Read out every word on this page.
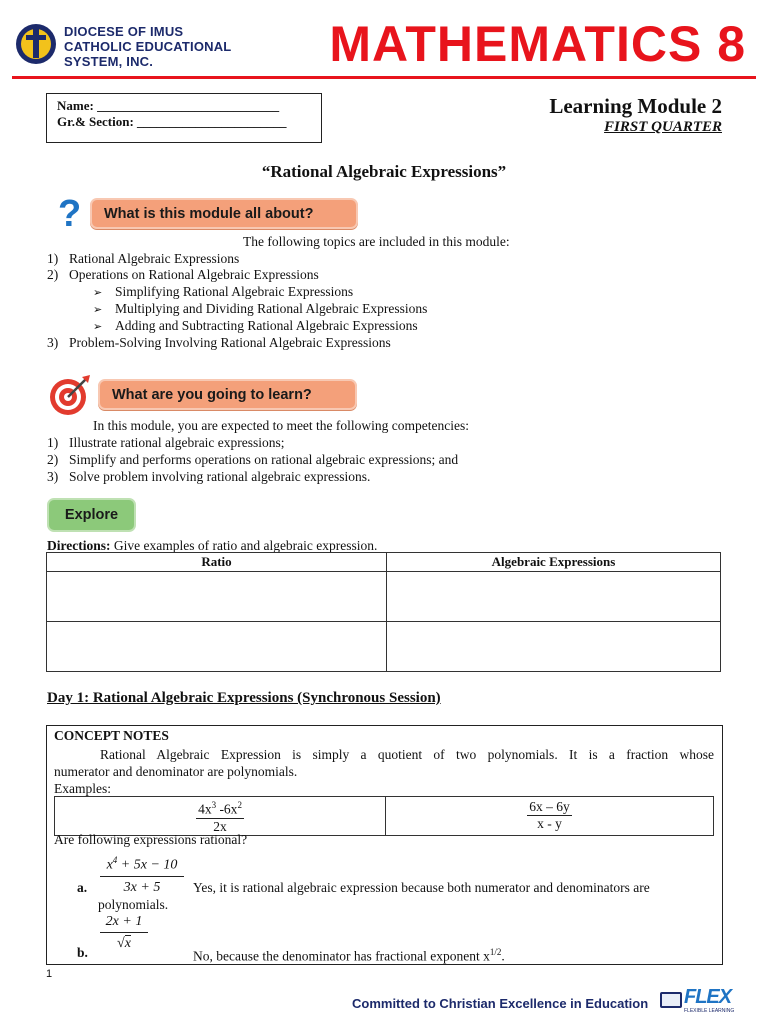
DIOCESE OF IMUS
CATHOLIC EDUCATIONAL
SYSTEM, INC.	MATHEMATICS 8
Name: ____________________________
Gr.& Section: _______________________
Learning Module 2
FIRST QUARTER
“Rational Algebraic Expressions”
? What is this module all about?
The following topics are included in this module:
1) Rational Algebraic Expressions
2) Operations on Rational Algebraic Expressions
➢ Simplifying Rational Algebraic Expressions
➢ Multiplying and Dividing Rational Algebraic Expressions
➢ Adding and Subtracting Rational Algebraic Expressions
3) Problem-Solving Involving Rational Algebraic Expressions
What are you going to learn?
In this module, you are expected to meet the following competencies:
1) Illustrate rational algebraic expressions;
2) Simplify and performs operations on rational algebraic expressions; and
3) Solve problem involving rational algebraic expressions.
Explore
Directions: Give examples of ratio and algebraic expression.
Ratio	Algebraic Expressions

Day 1: Rational Algebraic Expressions (Synchronous Session)
CONCEPT NOTES
Rational Algebraic Expression is simply a quotient of two polynomials. It is a fraction whose
numerator and denominator are polynomials.
Examples:
$4x^3$ $-6x^2$
2x
	6x – 6y
x - y
Are following expressions rational?
$\frac{x^4 + 5x - 10}{3x + 5}$
a.	Yes, it is rational algebraic expression because both numerator and denominators are
polynomials.
$\frac{2x + 1}{√x}$
b.	No, because the denominator has fractional exponent $x^{1/2}$.
1
Committed to Christian Excellence in Education FLEX
FLEXIBLE LEARNING
